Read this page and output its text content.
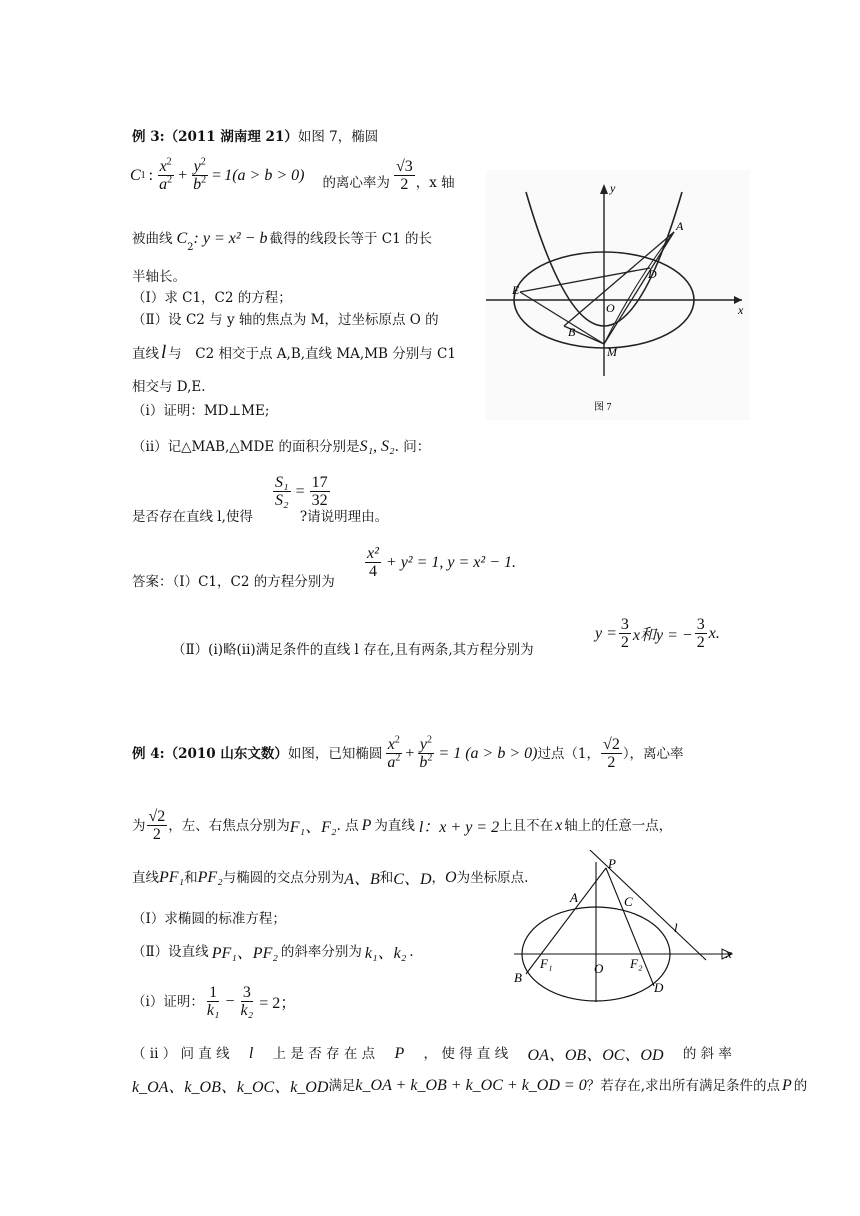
例 3:（2011 湖南理 21）如图 7，椭圆
C 1 : $\frac{x^2}{a^2} + \frac{y^2}{b^2} = 1(a > b > 0)$ 的离心率为 $\frac{√3}{2}$ ，x 轴
被曲线 C
2
: y = x² − b 截得的线段长等于 C1 的长
半轴长。
（Ⅰ）求 C1，C2 的方程；
（Ⅱ）设 C2 与 y 轴的焦点为 M，过坐标原点 O 的
直线 l 与　C2 相交于点 A,B,直线 MA,MB 分别与 C1
相交与 D,E.
（i）证明：MD⊥ME;
（ii）记△MAB,△MDE 的面积分别是S₁, S₂. 问：
$\frac{\text{S₁}}{\text{S₂}} = \frac{17}{32}$
是否存在直线 l,使得	?请说明理由。
答案：（Ⅰ）C1，C2 的方程分别为
$\frac{\text{x²}}{4} + y^2 = 1$, y = x² − 1.
（Ⅱ）(i)略(ii)满足条件的直线 l 存在,且有两条,其方程分别为
$y = \frac{3}{2}$ x和y = − $\frac{3}{2} x$.
y
A
D
E
O	x
B
M
图 7
例 4:（2010 山东文数） 如图，已知椭圆 $\frac{x^2}{a^2} + \frac{y^2}{b^2} = 1$ (a > b > 0) 过点（1， $\frac{√2}{2}$ ），离心率
为 $\frac{√2}{2}$ ，左、右焦点分别为 F₁、F₂ . 点 P 为直线 l：x + y = 2 上且不在 x 轴上的任意一点，
直线 PF₁ 和 PF₂ 与椭圆的交点分别为 A、B 和 C、D ， O 为坐标原点.
（Ⅰ）求椭圆的标准方程；
（Ⅱ）设直线 PF₁、PF₂ 的斜率分别为 k₁、k₂ .
（i）证明： $\frac{1}{\text{k₁}} - \frac{3}{\text{k₂}} = 2$；
（ ii ） 问 直 线 l 上 是 否 存 在 点 P ， 使 得 直 线 OA、OB、OC、OD 的 斜 率
k_OA、k_OB、k_OC、k_OD 满足 k_OA + k_OB + k_OC + k_OD = 0 ？若存在,求出所有满足条件的点 P 的
P
A	C
l
x
B
F₁	O F₂
D
